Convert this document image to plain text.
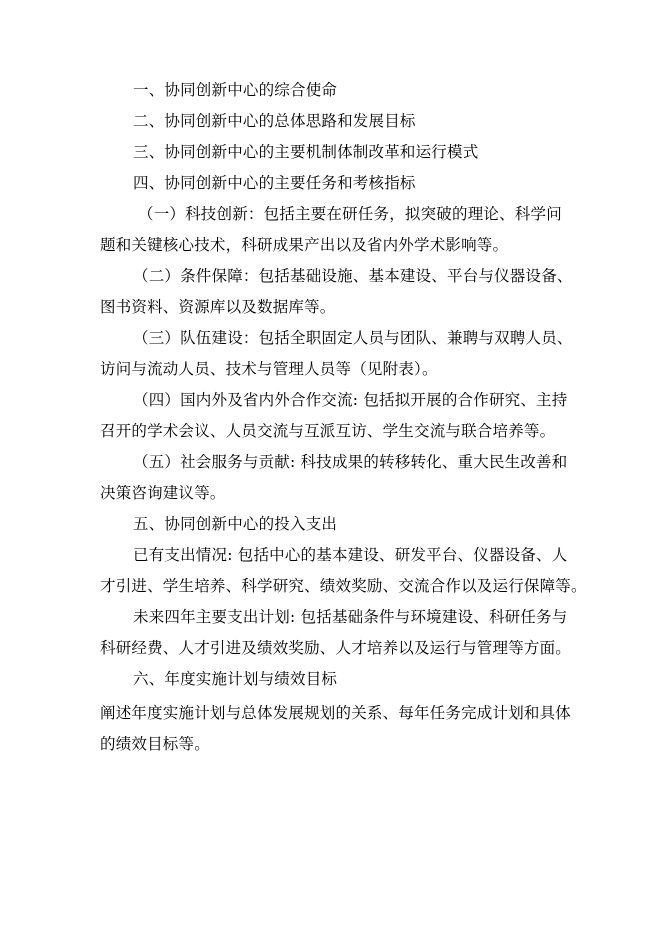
一、协同创新中心的综合使命
二、协同创新中心的总体思路和发展目标
三、协同创新中心的主要机制体制改革和运行模式
四、协同创新中心的主要任务和考核指标
（一）科技创新：包括主要在研任务，拟突破的理论、科学问
题和关键核心技术，科研成果产出以及省内外学术影响等。
（二）条件保障：包括基础设施、基本建设、平台与仪器设备、
图书资料、资源库以及数据库等。
（三）队伍建设：包括全职固定人员与团队、兼聘与双聘人员、
访问与流动人员、技术与管理人员等（见附表）。
（四）国内外及省内外合作交流: 包括拟开展的合作研究、主持
召开的学术会议、人员交流与互派互访、学生交流与联合培养等。
（五）社会服务与贡献: 科技成果的转移转化、重大民生改善和
决策咨询建议等。
五、协同创新中心的投入支出
已有支出情况: 包括中心的基本建设、研发平台、仪器设备、人
才引进、学生培养、科学研究、绩效奖励、交流合作以及运行保障等。
未来四年主要支出计划: 包括基础条件与环境建设、科研任务与
科研经费、人才引进及绩效奖励、人才培养以及运行与管理等方面。
六、年度实施计划与绩效目标
阐述年度实施计划与总体发展规划的关系、每年任务完成计划和具体
的绩效目标等。
